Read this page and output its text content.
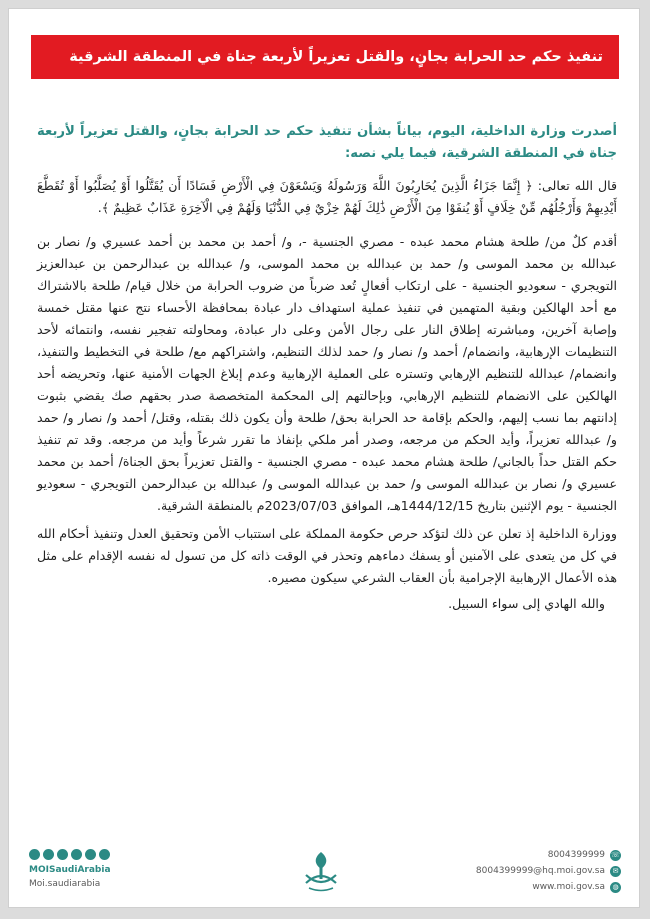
تنفيذ حكم حد الحرابة بجانٍ، والقتل تعزيراً لأربعة جناة في المنطقة الشرقية

أصدرت وزارة الداخلية، اليوم، بياناً بشأن تنفيذ حكم حد الحرابة بجانٍ، والقتل تعزيراً لأربعة جناة في المنطقة الشرقية، فيما يلي نصه:

قال الله تعالى: ﴿ إِنَّمَا جَزَاءُ الَّذِينَ يُحَارِبُونَ اللَّهَ وَرَسُولَهُ وَيَسْعَوْنَ فِي الْأَرْضِ فَسَادًا أَن يُقَتَّلُوا أَوْ يُصَلَّبُوا أَوْ تُقَطَّعَ أَيْدِيهِمْ وَأَرْجُلُهُم مِّنْ خِلَافٍ أَوْ يُنفَوْا مِنَ الْأَرْضِ ذَٰلِكَ لَهُمْ خِزْيٌ فِي الدُّنْيَا وَلَهُمْ فِي الْآخِرَةِ عَذَابٌ عَظِيمٌ ﴾.

أقدم كلٌ من/ طلحة هشام محمد عبده - مصري الجنسية -، و/ أحمد بن محمد بن أحمد عسيري و/ نصار بن عبدالله بن محمد الموسى و/ حمد بن عبدالله بن محمد الموسى، و/ عبدالله بن عبدالرحمن بن عبدالعزيز التويجري - سعوديو الجنسية - على ارتكاب أفعالٍ تُعد ضرباً من ضروب الحرابة من خلال قيام/ طلحة بالاشتراك مع أحد الهالكين وبقية المتهمين في تنفيذ عملية استهداف دار عبادة بمحافظة الأحساء نتج عنها مقتل خمسة وإصابة آخرين، ومباشرته إطلاق النار على رجال الأمن وعلى دار عبادة، ومحاولته تفجير نفسه، وانتمائه لأحد التنظيمات الإرهابية، وانضمام/ أحمد و/ نصار و/ حمد لذلك التنظيم، واشتراكهم مع/ طلحة في التخطيط والتنفيذ، وانضمام/ عبدالله للتنظيم الإرهابي وتستره على العملية الإرهابية وعدم إبلاغ الجهات الأمنية عنها، وتحريضه أحد الهالكين على الانضمام للتنظيم الإرهابي، وبإحالتهم إلى المحكمة المتخصصة صدر بحقهم صك يقضي بثبوت إدانتهم بما نسب إليهم، والحكم بإقامة حد الحرابة بحق/ طلحة وأن يكون ذلك بقتله، وقتل/ أحمد و/ نصار و/ حمد و/ عبدالله تعزيراً، وأيد الحكم من مرجعه، وصدر أمر ملكي بإنفاذ ما تقرر شرعاً وأيد من مرجعه. وقد تم تنفيذ حكم القتل حداً بالجاني/ طلحة هشام محمد عبده - مصري الجنسية - والقتل تعزيراً بحق الجناة/ أحمد بن محمد عسيري و/ نصار بن عبدالله الموسى و/ حمد بن عبدالله الموسى و/ عبدالله بن عبدالرحمن التويجري - سعوديو الجنسية - يوم الإثنين بتاريخ 1444/12/15هـ، الموافق 2023/07/03م بالمنطقة الشرقية.

ووزارة الداخلية إذ تعلن عن ذلك لتؤكد حرص حكومة المملكة على استتباب الأمن وتحقيق العدل وتنفيذ أحكام الله في كل من يتعدى على الآمنين أو يسفك دماءهم وتحذر في الوقت ذاته كل من تسول له نفسه الإقدام على مثل هذه الأعمال الإرهابية الإجرامية بأن العقاب الشرعي سيكون مصيره.

والله الهادي إلى سواء السبيل.

8004399999 ☏
8004399999@hq.moi.gov.sa	✉
www.moi.gov.sa	◍
MOISaudiArabia
Moi.saudiarabia
